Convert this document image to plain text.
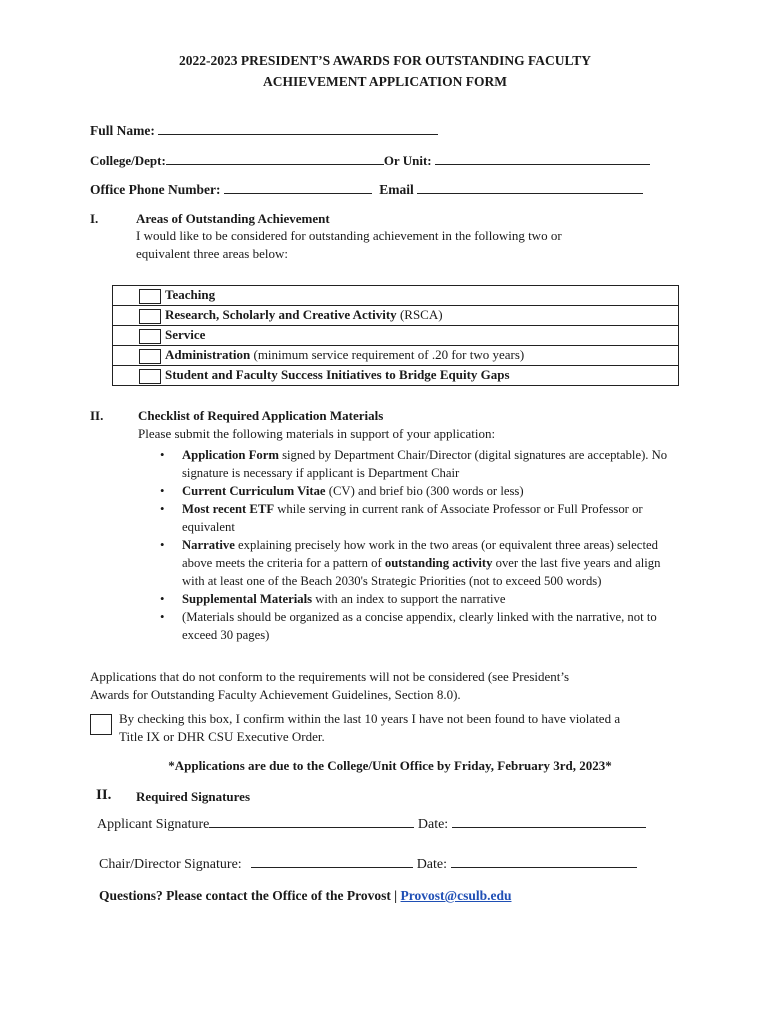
2022-2023 PRESIDENT’S AWARDS FOR OUTSTANDING FACULTY
ACHIEVEMENT APPLICATION FORM
Full Name:
College/Dept:	Or Unit:
Office Phone Number:	Email
I.	Areas of Outstanding Achievement
I would like to be considered for outstanding achievement in the following two or
equivalent three areas below:
Teaching
Research, Scholarly and Creative Activity (RSCA)
Service
Administration (minimum service requirement of .20 for two years)
Student and Faculty Success Initiatives to Bridge Equity Gaps
II.	Checklist of Required Application Materials
Please submit the following materials in support of your application:
• Application Form signed by Department Chair/Director (digital signatures are acceptable). No signature is necessary if applicant is Department Chair
• Current Curriculum Vitae (CV) and brief bio (300 words or less)
• Most recent ETF while serving in current rank of Associate Professor or Full Professor or equivalent
• Narrative explaining precisely how work in the two areas (or equivalent three areas) selected above meets the criteria for a pattern of outstanding activity over the last five years and align with at least one of the Beach 2030's Strategic Priorities (not to exceed 500 words)
• Supplemental Materials with an index to support the narrative
• (Materials should be organized as a concise appendix, clearly linked with the narrative, not to exceed 30 pages)
Applications that do not conform to the requirements will not be considered (see President’s
Awards for Outstanding Faculty Achievement Guidelines, Section 8.0).
By checking this box, I confirm within the last 10 years I have not been found to have violated a
Title IX or DHR CSU Executive Order.
*Applications are due to the College/Unit Office by Friday, February 3rd, 2023*
II. Required Signatures
Applicant Signature	Date:
Chair/Director Signature:	Date:
Questions? Please contact the Office of the Provost | Provost@csulb.edu
